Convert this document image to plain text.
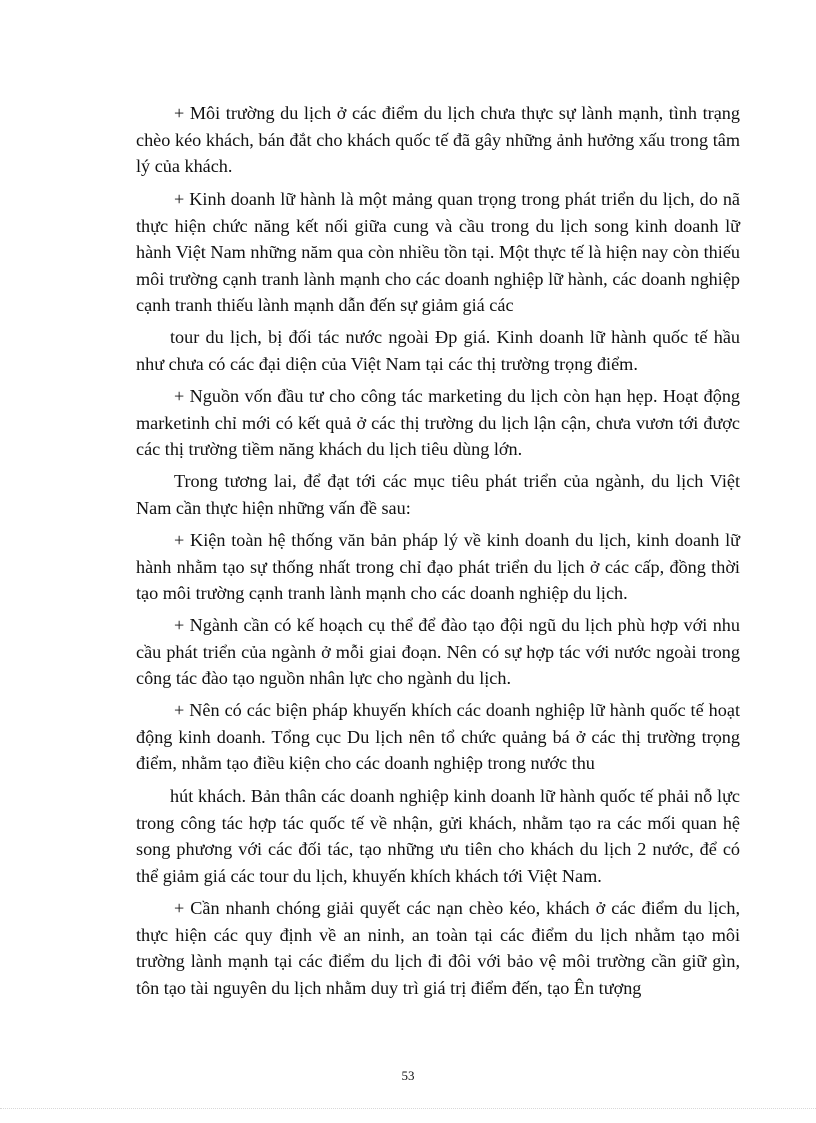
+ Môi trường du lịch ở các điểm du lịch chưa thực sự lành mạnh, tình trạng chèo kéo khách, bán đắt cho khách quốc tế đã gây những ảnh hưởng xấu trong tâm lý của khách.

+ Kinh doanh lữ hành là một mảng quan trọng trong phát triển du lịch, do nã thực hiện chức năng kết nối giữa cung và cầu trong du lịch song kinh doanh lữ hành Việt Nam những năm qua còn nhiều tồn tại. Một thực tế là hiện nay còn thiếu môi trường cạnh tranh lành mạnh cho các doanh nghiệp lữ hành, các doanh nghiệp cạnh tranh thiếu lành mạnh dẫn đến sự giảm giá các

tour du lịch, bị đối tác nước ngoài Đp giá. Kinh doanh lữ hành quốc tế hầu như chưa có các đại diện của Việt Nam tại các thị trường trọng điểm.

+ Nguồn vốn đầu tư cho công tác marketing du lịch còn hạn hẹp. Hoạt động marketinh chỉ mới có kết quả ở các thị trường du lịch lận cận, chưa vươn tới được các thị trường tiềm năng khách du lịch tiêu dùng lớn.

Trong tương lai, để đạt tới các mục tiêu phát triển của ngành, du lịch Việt Nam cần thực hiện những vấn đề sau:

+ Kiện toàn hệ thống văn bản pháp lý về kinh doanh du lịch, kinh doanh lữ hành nhằm tạo sự thống nhất trong chỉ đạo phát triển du lịch ở các cấp, đồng thời tạo môi trường cạnh tranh lành mạnh cho các doanh nghiệp du lịch.

+ Ngành cần có kế hoạch cụ thể để đào tạo đội ngũ du lịch phù hợp với nhu cầu phát triển của ngành ở mỗi giai đoạn. Nên có sự hợp tác với nước ngoài trong công tác đào tạo nguồn nhân lực cho ngành du lịch.

+ Nên có các biện pháp khuyến khích các doanh nghiệp lữ hành quốc tế hoạt động kinh doanh. Tổng cục Du lịch nên tổ chức quảng bá ở các thị trường trọng điểm, nhằm tạo điều kiện cho các doanh nghiệp trong nước thu

hút khách. Bản thân các doanh nghiệp kinh doanh lữ hành quốc tế phải nỗ lực trong công tác hợp tác quốc tế về nhận, gửi khách, nhằm tạo ra các mối quan hệ song phương với các đối tác, tạo những ưu tiên cho khách du lịch 2 nước, để có thể giảm giá các tour du lịch, khuyến khích khách tới Việt Nam.

+ Cần nhanh chóng giải quyết các nạn chèo kéo, khách ở các điểm du lịch, thực hiện các quy định về an ninh, an toàn tại các điểm du lịch nhằm tạo môi trường lành mạnh tại các điểm du lịch đi đôi với bảo vệ môi trường cần giữ gìn, tôn tạo tài nguyên du lịch nhằm duy trì giá trị điểm đến, tạo Ên tượng

53
